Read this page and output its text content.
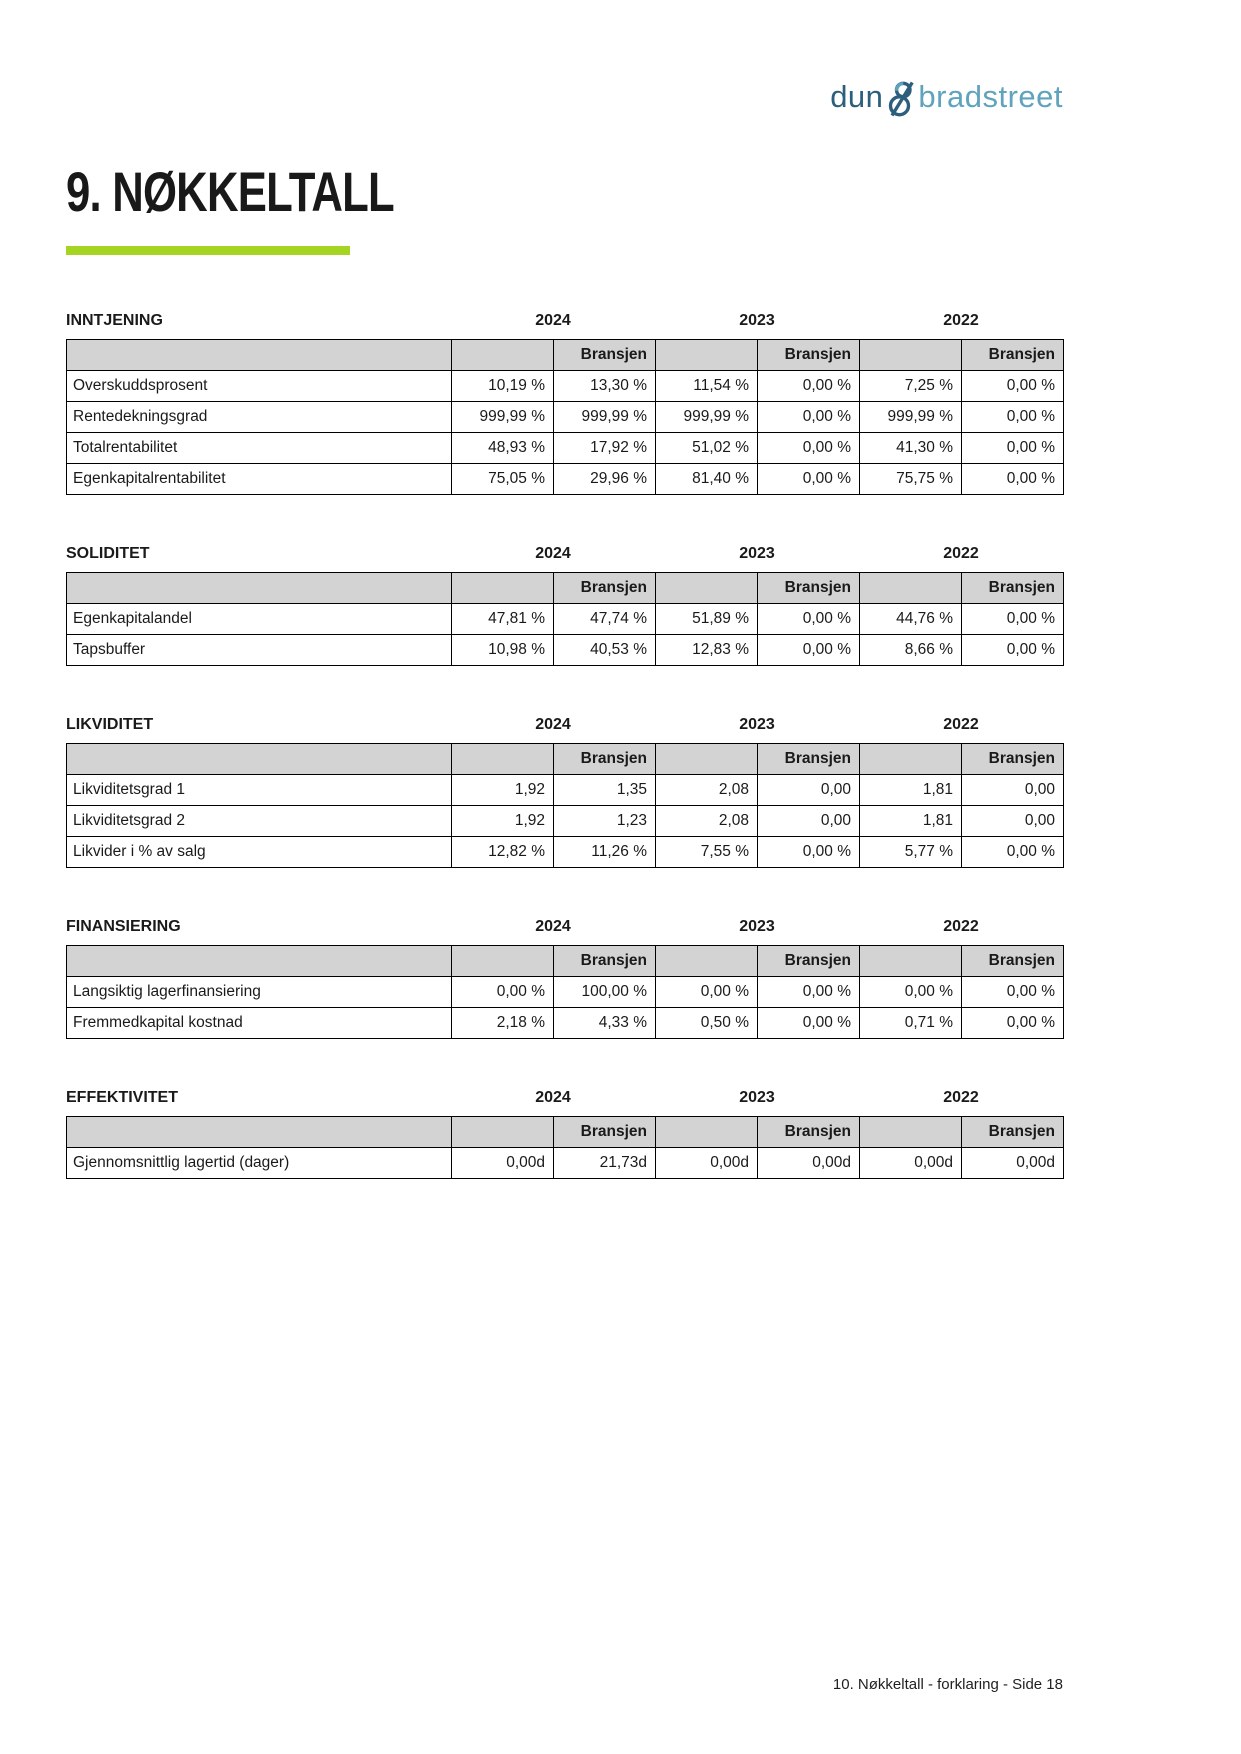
dun bradstreet
9. NØKKELTALL
INNTJENING	2024	2023	2022
		Bransjen		Bransjen		Bransjen
Overskuddsprosent	10,19 %	13,30 %	11,54 %	0,00 %	7,25 %	0,00 %
Rentedekningsgrad	999,99 %	999,99 %	999,99 %	0,00 %	999,99 %	0,00 %
Totalrentabilitet	48,93 %	17,92 %	51,02 %	0,00 %	41,30 %	0,00 %
Egenkapitalrentabilitet	75,05 %	29,96 %	81,40 %	0,00 %	75,75 %	0,00 %
SOLIDITET	2024	2023	2022
		Bransjen		Bransjen		Bransjen
Egenkapitalandel	47,81 %	47,74 %	51,89 %	0,00 %	44,76 %	0,00 %
Tapsbuffer	10,98 %	40,53 %	12,83 %	0,00 %	8,66 %	0,00 %
LIKVIDITET	2024	2023	2022
		Bransjen		Bransjen		Bransjen
Likviditetsgrad 1	1,92	1,35	2,08	0,00	1,81	0,00
Likviditetsgrad 2	1,92	1,23	2,08	0,00	1,81	0,00
Likvider i % av salg	12,82 %	11,26 %	7,55 %	0,00 %	5,77 %	0,00 %
FINANSIERING	2024	2023	2022
		Bransjen		Bransjen		Bransjen
Langsiktig lagerfinansiering	0,00 %	100,00 %	0,00 %	0,00 %	0,00 %	0,00 %
Fremmedkapital kostnad	2,18 %	4,33 %	0,50 %	0,00 %	0,71 %	0,00 %
EFFEKTIVITET	2024	2023	2022
		Bransjen		Bransjen		Bransjen
Gjennomsnittlig lagertid (dager)	0,00d	21,73d	0,00d	0,00d	0,00d	0,00d
10. Nøkkeltall - forklaring - Side 18
